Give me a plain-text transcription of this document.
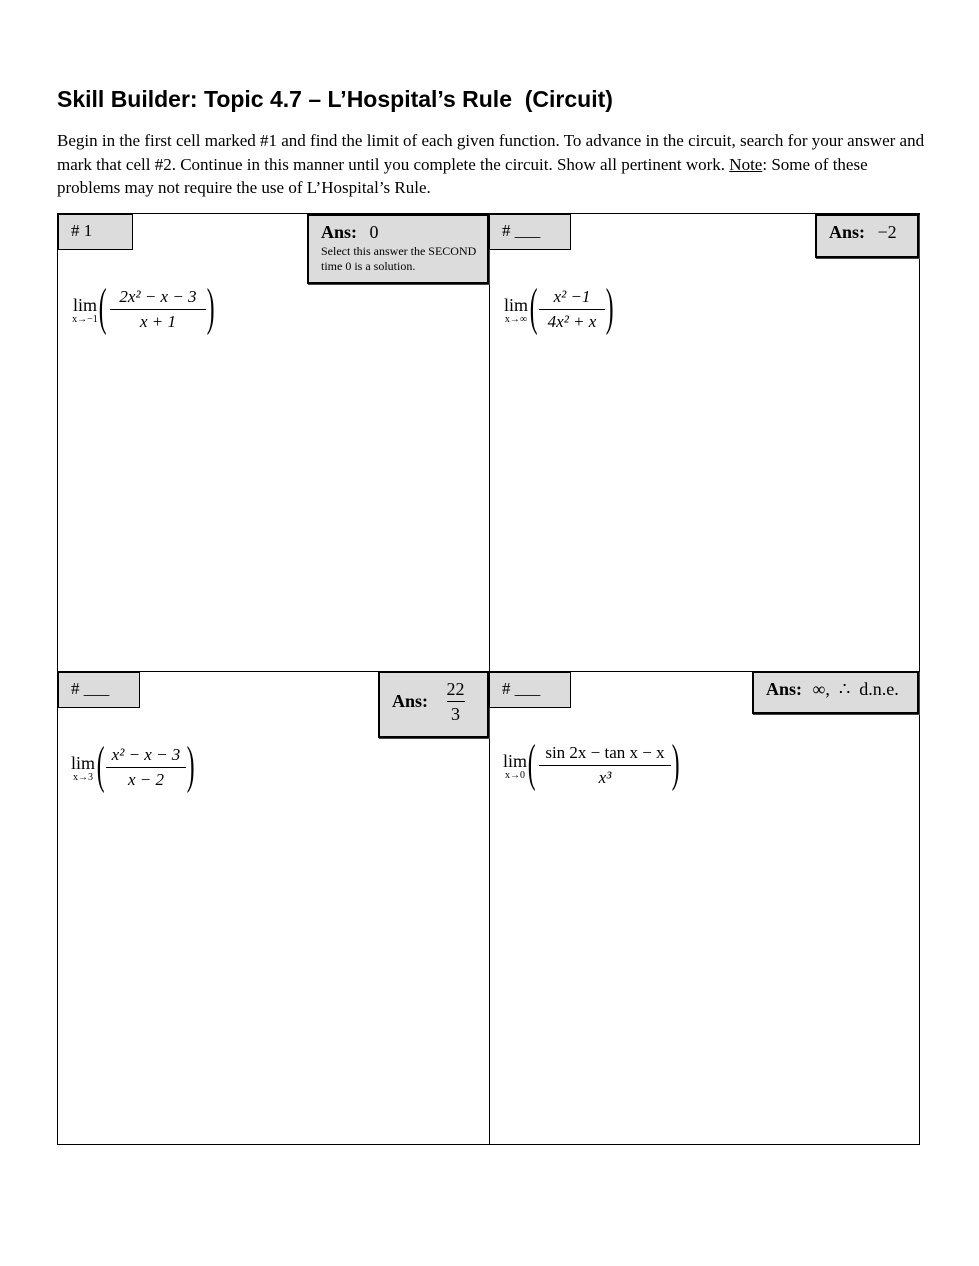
Skill Builder: Topic 4.7 – L’Hospital’s Rule  (Circuit)
Begin in the first cell marked #1 and find the limit of each given function. To advance in the circuit, search for your answer and mark that cell #2. Continue in this manner until you complete the circuit. Show all pertinent work. Note: Some of these problems may not require the use of L’Hospital’s Rule.
# 1	Ans: 0
Select this answer the SECOND time 0 is a solution.
lim
x→−1 ( 2x² − x − 3
x + 1 )
# ___	Ans: −2
lim
x→∞ ( x² −1
4x² + x )
# ___
Ans: $\frac{22}{3}$
lim
x→3 ( x² − x − 3
x − 2 )
# ___	Ans: ∞,  ∴  d.n.e.
lim
x→0 ( sin 2x − tan x − x
x³	)
